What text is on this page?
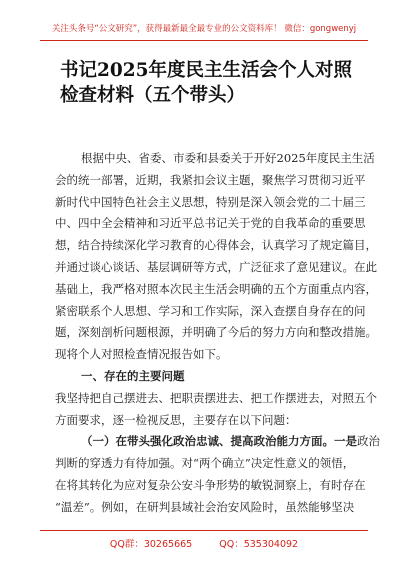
关注头条号“公文研究”，获得最新最全最专业的公文资料库！ 微信：gongwenyj
书记2025年度民主生活会个人对照
检查材料（五个带头）
根据中央、省委、市委和县委关于开好2025年度民主生活
会的统一部署，近期，我紧扣会议主题，聚焦学习贯彻习近平
新时代中国特色社会主义思想，特别是深入领会党的二十届三
中、四中全会精神和习近平总书记关于党的自我革命的重要思
想，结合持续深化学习教育的心得体会，认真学习了规定篇目，
并通过谈心谈话、基层调研等方式，广泛征求了意见建议。在此
基础上，我严格对照本次民主生活会明确的五个方面重点内容，
紧密联系个人思想、学习和工作实际，深入查摆自身存在的问
题，深刻剖析问题根源，并明确了今后的努力方向和整改措施。
现将个人对照检查情况报告如下。
一、存在的主要问题
我坚持把自己摆进去、把职责摆进去、把工作摆进去，对照五个
方面要求，逐一检视反思，主要存在以下问题：
（一）在带头强化政治忠诚、提高政治能力方面。一是政治
判断的穿透力有待加强。对“两个确立”决定性意义的领悟，
在将其转化为应对复杂公安斗争形势的敏锐洞察上，有时存在
“温差”。例如，在研判县域社会治安风险时，虽然能够坚决
QQ群：30265665	QQ：535304092
